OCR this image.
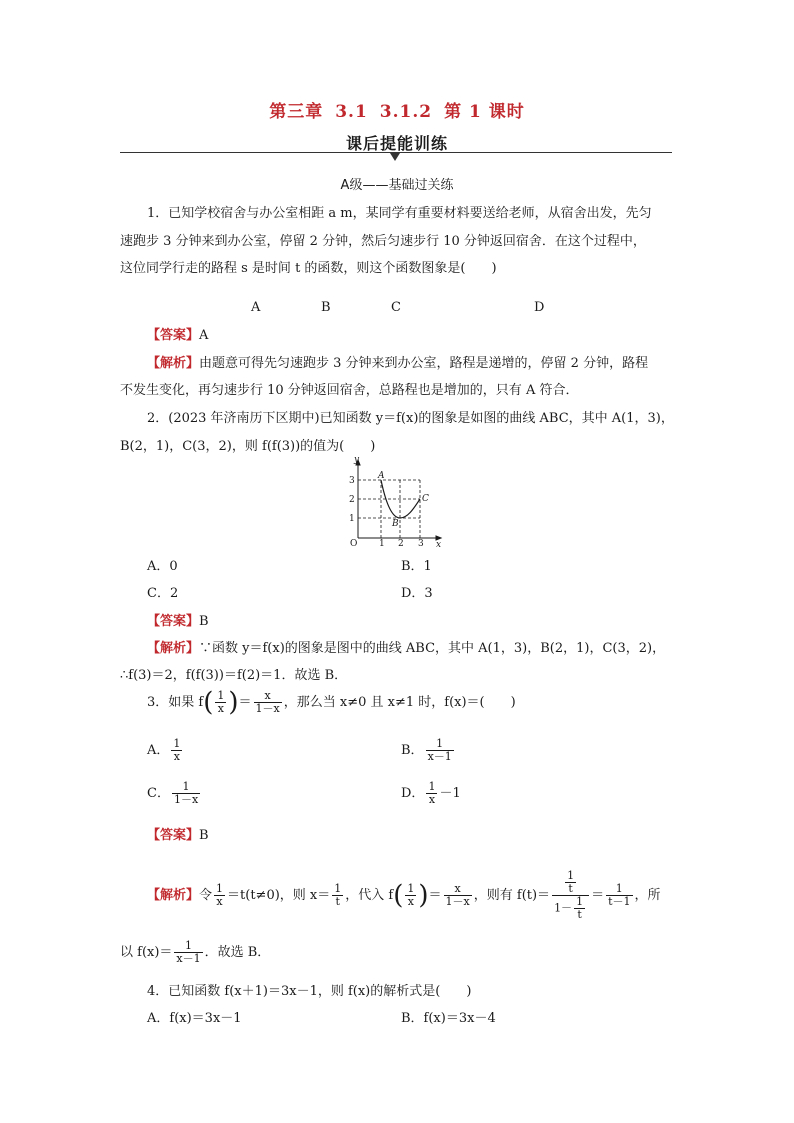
第三章 3.1 3.1.2 第 1 课时
课后提能训练
A级——基础过关练
1．已知学校宿舍与办公室相距 a m，某同学有重要材料要送给老师，从宿舍出发，先匀
速跑步 3 分钟来到办公室，停留 2 分钟，然后匀速步行 10 分钟返回宿舍．在这个过程中，
这位同学行走的路程 s 是时间 t 的函数，则这个函数图象是(　　)
A	B	C	D
【答案】A
【解析】由题意可得先匀速跑步 3 分钟来到办公室，路程是递增的，停留 2 分钟，路程
不发生变化，再匀速步行 10 分钟返回宿舍，总路程也是增加的，只有 A 符合．
2．(2023 年济南历下区期中)已知函数 y＝f(x)的图象是如图的曲线 ABC，其中 A(1，3)，
B(2，1)，C(3，2)，则 f(f(3))的值为(　　)
y
x
A
B
C
O 1 2 3
1
2
3
A．0	B．1
C．2	D．3
【答案】B
【解析】∵函数 y＝f(x)的图象是图中的曲线 ABC，其中 A(1，3)，B(2，1)，C(3，2)，
∴f(3)＝2，f(f(3))＝f(2)＝1．故选 B．
3．如果 $f( \frac{1}{x}$ )＝ $\frac{x}{1-x}$ ，那么当 x≠0 且 x≠1 时，f(x)＝(　　)
A． $\frac{1}{x}$	B． $\frac{1}{x-1}$
C． $\frac{1}{1-x}$	D． $\frac{1}{x} -1$
【答案】B
【解析】令 $\frac{1}{x} =t(t\ne 0)$，则 $x= \frac{1}{t}$ ，代入 $f( \frac{1}{x}$ )＝ $\frac{x}{1-x}$ ，则有 $f(t)= \frac{\frac{1}{t}}{1- \frac{1}{t}} = \frac{1}{t-1}$ ，所
以 $f(x)= \frac{1}{x-1}$ ．故选 B．
4．已知函数 f(x＋1)＝3x－1，则 f(x)的解析式是(　　)
A．f(x)＝3x－1	B．f(x)＝3x－4
